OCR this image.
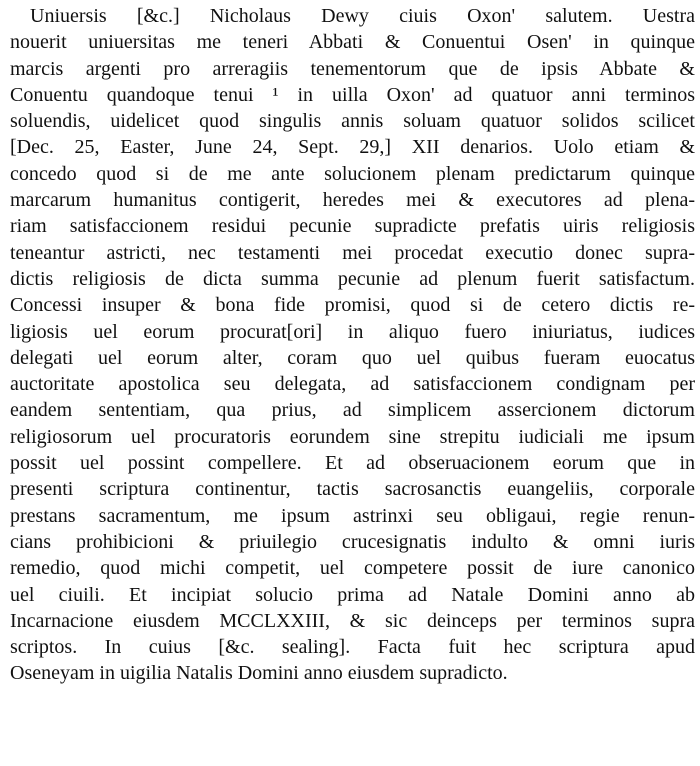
Uniuersis [&c.] Nicholaus Dewy ciuis Oxon' salutem. Uestra
nouerit uniuersitas me teneri Abbati & Conuentui Osen' in quinque
marcis argenti pro arreragiis tenementorum que de ipsis Abbate &
Conuentu quandoque tenui ¹ in uilla Oxon' ad quatuor anni terminos
soluendis, uidelicet quod singulis annis soluam quatuor solidos scilicet
[Dec. 25, Easter, June 24, Sept. 29,] XII denarios. Uolo etiam &
concedo quod si de me ante solucionem plenam predictarum quinque
marcarum humanitus contigerit, heredes mei & executores ad plena-
riam satisfaccionem residui pecunie supradicte prefatis uiris religiosis
teneantur astricti, nec testamenti mei procedat executio donec supra-
dictis religiosis de dicta summa pecunie ad plenum fuerit satisfactum.
Concessi insuper & bona fide promisi, quod si de cetero dictis re-
ligiosis uel eorum procurat[ori] in aliquo fuero iniuriatus, iudices
delegati uel eorum alter, coram quo uel quibus fueram euocatus
auctoritate apostolica seu delegata, ad satisfaccionem condignam per
eandem sententiam, qua prius, ad simplicem assercionem dictorum
religiosorum uel procuratoris eorundem sine strepitu iudiciali me ipsum
possit uel possint compellere. Et ad obseruacionem eorum que in
presenti scriptura continentur, tactis sacrosanctis euangeliis, corporale
prestans sacramentum, me ipsum astrinxi seu obligaui, regie renun-
cians prohibicioni & priuilegio crucesignatis indulto & omni iuris
remedio, quod michi competit, uel competere possit de iure canonico
uel ciuili. Et incipiat solucio prima ad Natale Domini anno ab
Incarnacione eiusdem MCCLXXIII, & sic deinceps per terminos supra
scriptos. In cuius [&c. sealing]. Facta fuit hec scriptura apud
Oseneyam in uigilia Natalis Domini anno eiusdem supradicto.
